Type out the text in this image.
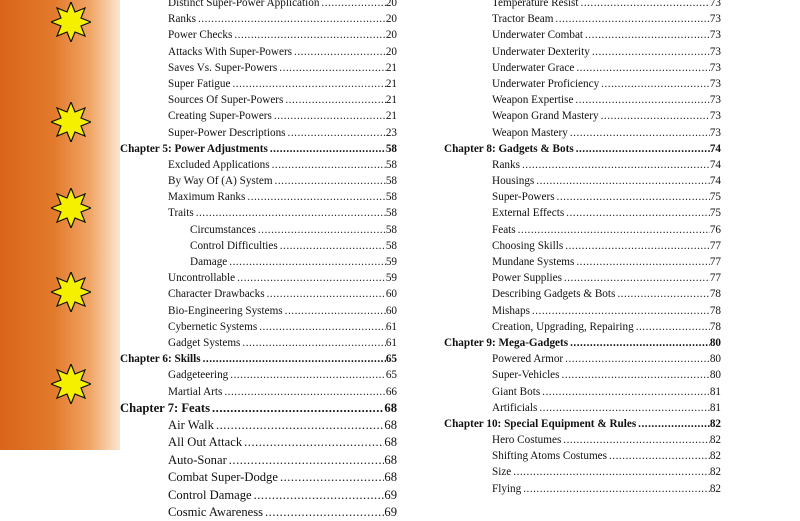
Distinct Super-Power Application .....	20
Ranks .....	20
Power Checks .....	20
Attacks With Super-Powers .....	20
Saves Vs. Super-Powers .....	21
Super Fatigue .....	21
Sources Of Super-Powers .....	21
Creating Super-Powers .....	21
Super-Power Descriptions .....	23
Chapter 5: Power Adjustments .....	58
Excluded Applications .....	58
By Way Of (A) System .....	58
Maximum Ranks .....	58
Traits .....	58
Circumstances .....	58
Control Difficulties .....	58
Damage .....	59
Uncontrollable .....	59
Character Drawbacks .....	60
Bio-Engineering Systems .....	60
Cybernetic Systems .....	61
Gadget Systems .....	61
Chapter 6: Skills .....	65
Gadgeteering .....	65
Martial Arts .....	66
Chapter 7: Feats .....	68
Air Walk .....	68
All Out Attack .....	68
Auto-Sonar .....	68
Combat Super-Dodge .....	68
Control Damage .....	69
Cosmic Awareness .....	69
Temperature Resist .....	73
Tractor Beam .....	73
Underwater Combat .....	73
Underwater Dexterity .....	73
Underwater Grace .....	73
Underwater Proficiency .....	73
Weapon Expertise .....	73
Weapon Grand Mastery .....	73
Weapon Mastery .....	73
Chapter 8: Gadgets & Bots .....	74
Ranks .....	74
Housings .....	74
Super-Powers .....	75
External Effects .....	75
Feats .....	76
Choosing Skills .....	77
Mundane Systems .....	77
Power Supplies .....	77
Describing Gadgets & Bots .....	78
Mishaps .....	78
Creation, Upgrading, Repairing .....	78
Chapter 9: Mega-Gadgets .....	80
Powered Armor .....	80
Super-Vehicles .....	80
Giant Bots .....	81
Artificials .....	81
Chapter 10: Special Equipment & Rules .....	82
Hero Costumes .....	82
Shifting Atoms Costumes .....	82
Size .....	82
Flying .....	82
